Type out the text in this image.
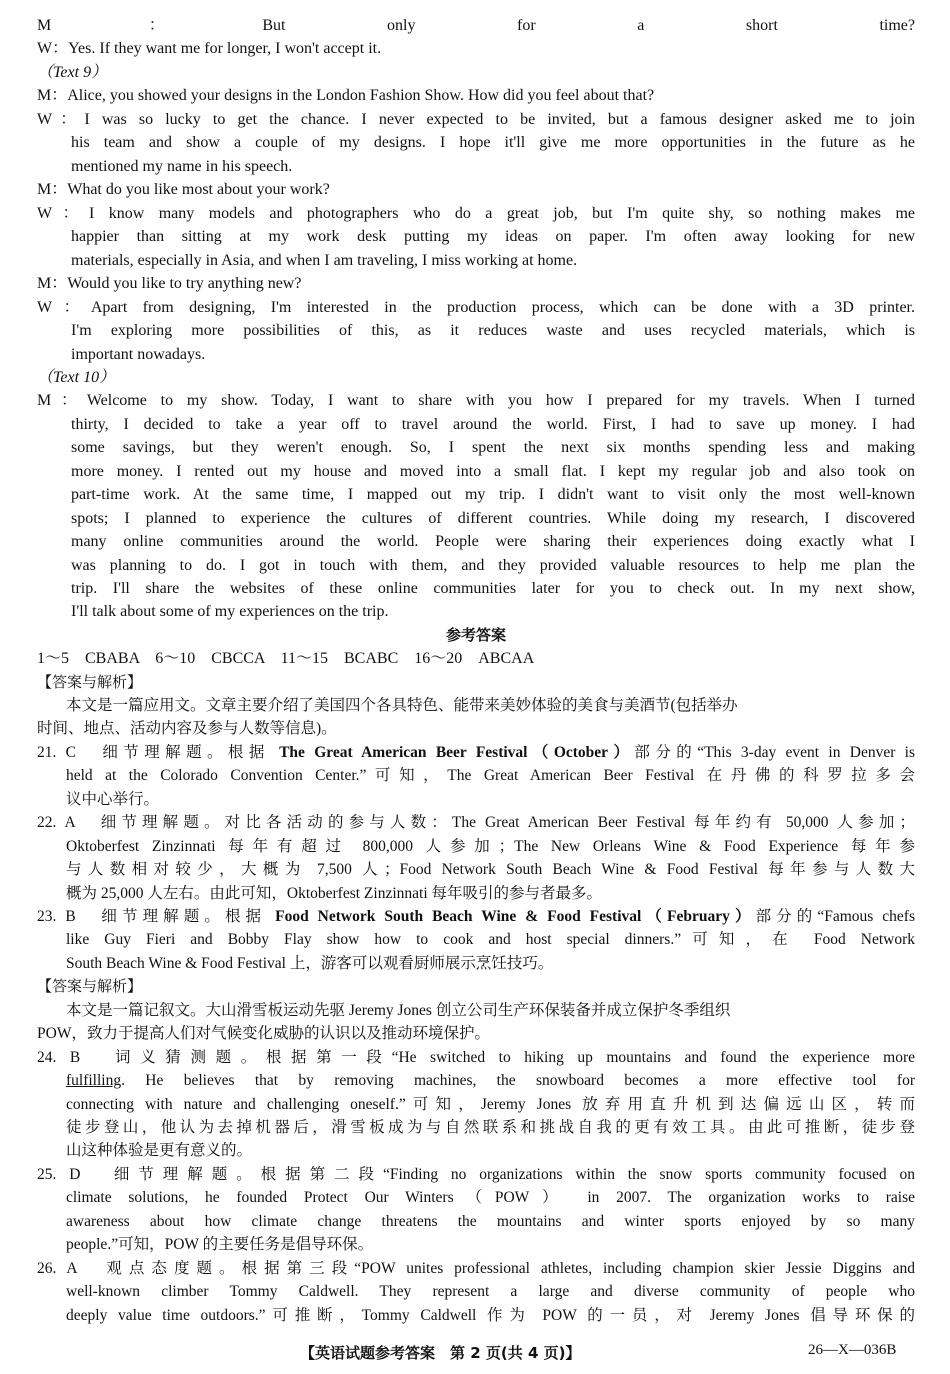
M：But only for a short time?
W：Yes. If they want me for longer, I won't accept it.
（Text 9）
M：Alice, you showed your designs in the London Fashion Show. How did you feel about that?
W：I was so lucky to get the chance. I never expected to be invited, but a famous designer asked me to join
his team and show a couple of my designs. I hope it'll give me more opportunities in the future as he
mentioned my name in his speech.
M：What do you like most about your work?
W：I know many models and photographers who do a great job, but I'm quite shy, so nothing makes me
happier than sitting at my work desk putting my ideas on paper. I'm often away looking for new
materials, especially in Asia, and when I am traveling, I miss working at home.
M：Would you like to try anything new?
W：Apart from designing, I'm interested in the production process, which can be done with a 3D printer.
I'm exploring more possibilities of this, as it reduces waste and uses recycled materials, which is
important nowadays.
（Text 10）
M：Welcome to my show. Today, I want to share with you how I prepared for my travels. When I turned
thirty, I decided to take a year off to travel around the world. First, I had to save up money. I had
some savings, but they weren't enough. So, I spent the next six months spending less and making
more money. I rented out my house and moved into a small flat. I kept my regular job and also took on
part-time work. At the same time, I mapped out my trip. I didn't want to visit only the most well-known
spots; I planned to experience the cultures of different countries. While doing my research, I discovered
many online communities around the world. People were sharing their experiences doing exactly what I
was planning to do. I got in touch with them, and they provided valuable resources to help me plan the
trip. I'll share the websites of these online communities later for you to check out. In my next show,
I'll talk about some of my experiences on the trip.
参考答案
1～5　CBABA　6～10　CBCCA　11～15　BCABC　16～20　ABCAA
【答案与解析】
本文是一篇应用文。文章主要介绍了美国四个各具特色、能带来美妙体验的美食与美酒节(包括举办
时间、地点、活动内容及参与人数等信息)。
21. C　细节理解题。根据 The Great American Beer Festival（October）部分的“This 3-day event in Denver is
held at the Colorado Convention Center.”可知，The Great American Beer Festival 在丹佛的科罗拉多会
议中心举行。
22. A　细节理解题。对比各活动的参与人数：The Great American Beer Festival 每年约有 50,000 人参加；
Oktoberfest Zinzinnati 每年有超过 800,000 人参加；The New Orleans Wine & Food Experience 每年参
与人数相对较少，大概为 7,500 人；Food Network South Beach Wine & Food Festival 每年参与人数大
概为 25,000 人左右。由此可知，Oktoberfest Zinzinnati 每年吸引的参与者最多。
23. B　细节理解题。根据 Food Network South Beach Wine & Food Festival（February）部分的“Famous chefs
like Guy Fieri and Bobby Flay show how to cook and host special dinners.”可知，在 Food Network
South Beach Wine & Food Festival 上，游客可以观看厨师展示烹饪技巧。
【答案与解析】
本文是一篇记叙文。大山滑雪板运动先驱 Jeremy Jones 创立公司生产环保装备并成立保护冬季组织
POW，致力于提高人们对气候变化威胁的认识以及推动环境保护。
24. B　词义猜测题。根据第一段“He switched to hiking up mountains and found the experience more
fulfilling. He believes that by removing machines, the snowboard becomes a more effective tool for
connecting with nature and challenging oneself.”可知，Jeremy Jones 放弃用直升机到达偏远山区，转而
徒步登山，他认为去掉机器后，滑雪板成为与自然联系和挑战自我的更有效工具。由此可推断，徒步登
山这种体验是更有意义的。
25. D　细节理解题。根据第二段“Finding no organizations within the snow sports community focused on
climate solutions, he founded Protect Our Winters（POW） in 2007. The organization works to raise
awareness about how climate change threatens the mountains and winter sports enjoyed by so many
people.”可知，POW 的主要任务是倡导环保。
26. A　观点态度题。根据第三段“POW unites professional athletes, including champion skier Jessie Diggins and
well-known climber Tommy Caldwell. They represent a large and diverse community of people who
deeply value time outdoors.”可推断，Tommy Caldwell 作为 POW 的一员，对 Jeremy Jones 倡导环保的
【英语试题参考答案　第 2 页(共 4 页)】	26—X—036B
